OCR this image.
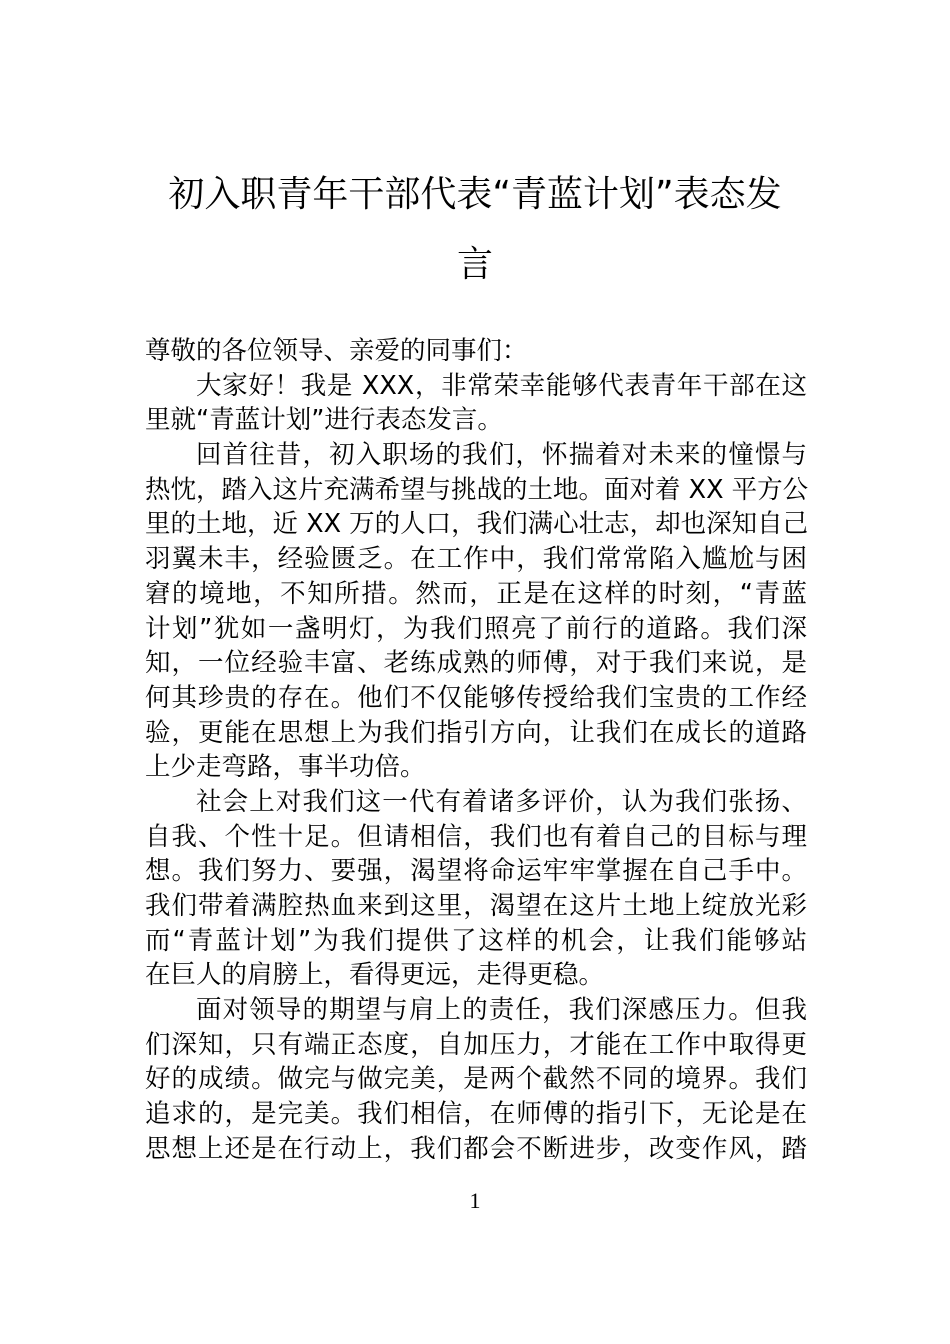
初入职青年干部代表“青蓝计划”表态发
言
尊敬的各位领导、亲爱的同事们：
大家好！我是 XXX，非常荣幸能够代表青年干部在这
里就“青蓝计划”进行表态发言。
回首往昔，初入职场的我们，怀揣着对未来的憧憬与
热忱，踏入这片充满希望与挑战的土地。面对着 XX 平方公
里的土地，近 XX 万的人口，我们满心壮志，却也深知自己
羽翼未丰，经验匮乏。在工作中，我们常常陷入尴尬与困
窘的境地，不知所措。然而，正是在这样的时刻，“青蓝
计划”犹如一盏明灯，为我们照亮了前行的道路。我们深
知，一位经验丰富、老练成熟的师傅，对于我们来说，是
何其珍贵的存在。他们不仅能够传授给我们宝贵的工作经
验，更能在思想上为我们指引方向，让我们在成长的道路
上少走弯路，事半功倍。
社会上对我们这一代有着诸多评价，认为我们张扬、
自我、个性十足。但请相信，我们也有着自己的目标与理
想。我们努力、要强，渴望将命运牢牢掌握在自己手中。
我们带着满腔热血来到这里，渴望在这片土地上绽放光彩
而“青蓝计划”为我们提供了这样的机会，让我们能够站
在巨人的肩膀上，看得更远，走得更稳。
面对领导的期望与肩上的责任，我们深感压力。但我
们深知，只有端正态度，自加压力，才能在工作中取得更
好的成绩。做完与做完美，是两个截然不同的境界。我们
追求的，是完美。我们相信，在师傅的指引下，无论是在
思想上还是在行动上，我们都会不断进步，改变作风，踏
1
